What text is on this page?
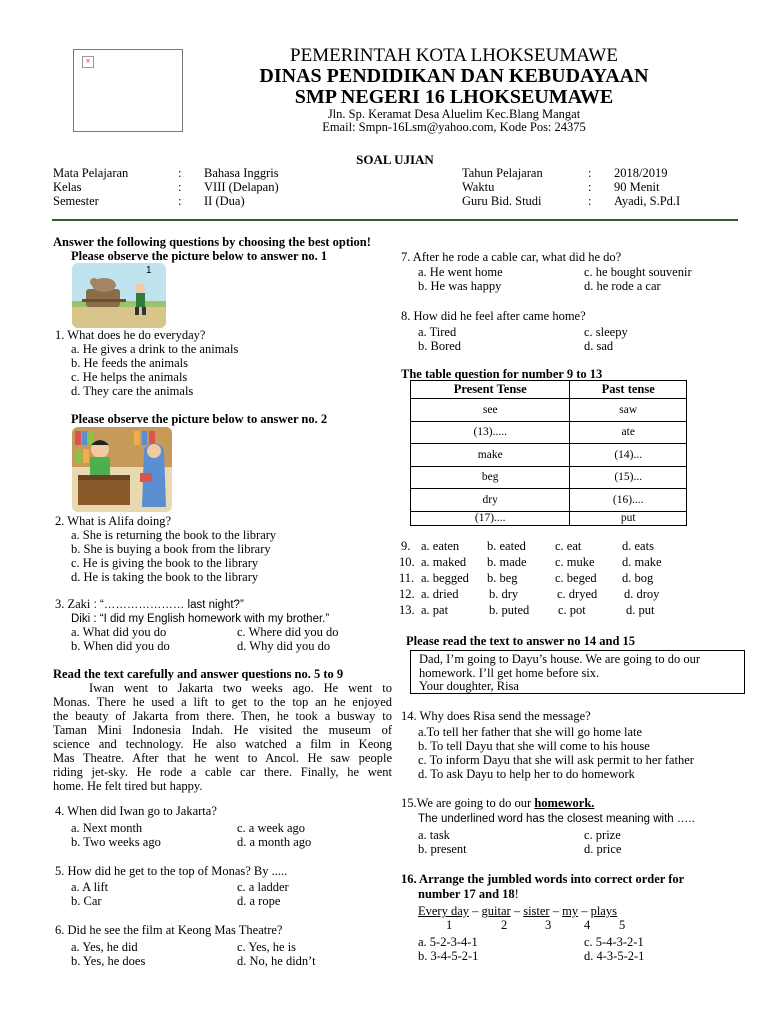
×	PEMERINTAH KOTA LHOKSEUMAWE
DINAS PENDIDIKAN DAN KEBUDAYAAN
SMP NEGERI 16 LHOKSEUMAWE
Jln. Sp. Keramat Desa Aluelim Kec.Blang Mangat
Email: Smpn-16Lsm@yahoo.com, Kode Pos: 24375
SOAL UJIAN
Mata Pelajaran	: Bahasa Inggris
Kelas	: VIII (Delapan)
Semester	: II (Dua)
Tahun Pelajaran	: 2018/2019
Waktu	: 90 Menit
Guru Bid. Studi	: Ayadi, S.Pd.I
Answer the following questions by choosing the best option!
Please observe the picture below to answer no. 1
1
1. What does he do everyday?
a. He gives a drink to the animals
b. He feeds the animals
c. He helps the animals
d. They care the animals
Please observe the picture below to answer no. 2
2. What is Alifa doing?
a. She is returning the book to the library
b. She is buying a book from the library
c. He is giving the book to the library
d. He is taking the book to the library
3. Zaki : “………………… last night?”
Diki : “I did my English homework with my brother.”
a. What did you do
b. When did you do
c. Where did you do
d. Why did you do
Read the text carefully and answer questions no. 5 to 9
Iwan went to Jakarta two weeks ago. He went to
Monas. There he used a lift to get to the top an he enjoyed
the beauty of Jakarta from there. Then, he took a busway to
Taman Mini Indonesia Indah. He visited the museum of
science and technology. He also watched a film in Keong
Mas Theatre. After that he went to Ancol. He saw people
riding jet-sky. He rode a cable car there. Finally, he went
home. He felt tired but happy.
4. When did Iwan go to Jakarta?
a. Next month
b. Two weeks ago
c. a week ago
d. a month ago
5. How did he get to the top of Monas? By .....
a. A lift
b. Car
c. a ladder
d. a rope
6. Did he see the film at Keong Mas Theatre?
a. Yes, he did
b. Yes, he does
c. Yes, he is
d. No, he didn’t
7. After he rode a cable car, what did he do?
a. He went home
b. He was happy
c. he bought souvenir
d. he rode a car
8. How did he feel after came home?
a. Tired
b. Bored
c. sleepy
d. sad
The table question for number 9 to 13
Present Tense	Past tense
see	saw
(13).....	ate
make	(14)...
beg	(15)...
dry	(16)....
(17)....	put
9. a. eaten b. eated c. eat	d. eats
10. a. maked b. made c. muke d. make
11. a. begged b. beg	c. beged d. bog
12. a. dried b. dry	c. dryed d. droy
13. a. pat	b. puted c. pot	d. put
Please read the text to answer no 14 and 15
Dad, I’m going to Dayu’s house. We are going to do our
homework. I’ll get home before six.
Your doughter, Risa
14. Why does Risa send the message?
a.To tell her father that she will go home late
b. To tell Dayu that she will come to his house
c. To inform Dayu that she will ask permit to her father
d. To ask Dayu to help her to do homework
15.We are going to do our homework.
The underlined word has the closest meaning with …..
a. task
b. present
c. prize
d. price
16. Arrange the jumbled words into correct order for
number 17 and 18!
Every day – guitar – sister – my – plays
1	2	3	4 5
a. 5-2-3-4-1
b. 3-4-5-2-1
c. 5-4-3-2-1
d. 4-3-5-2-1
